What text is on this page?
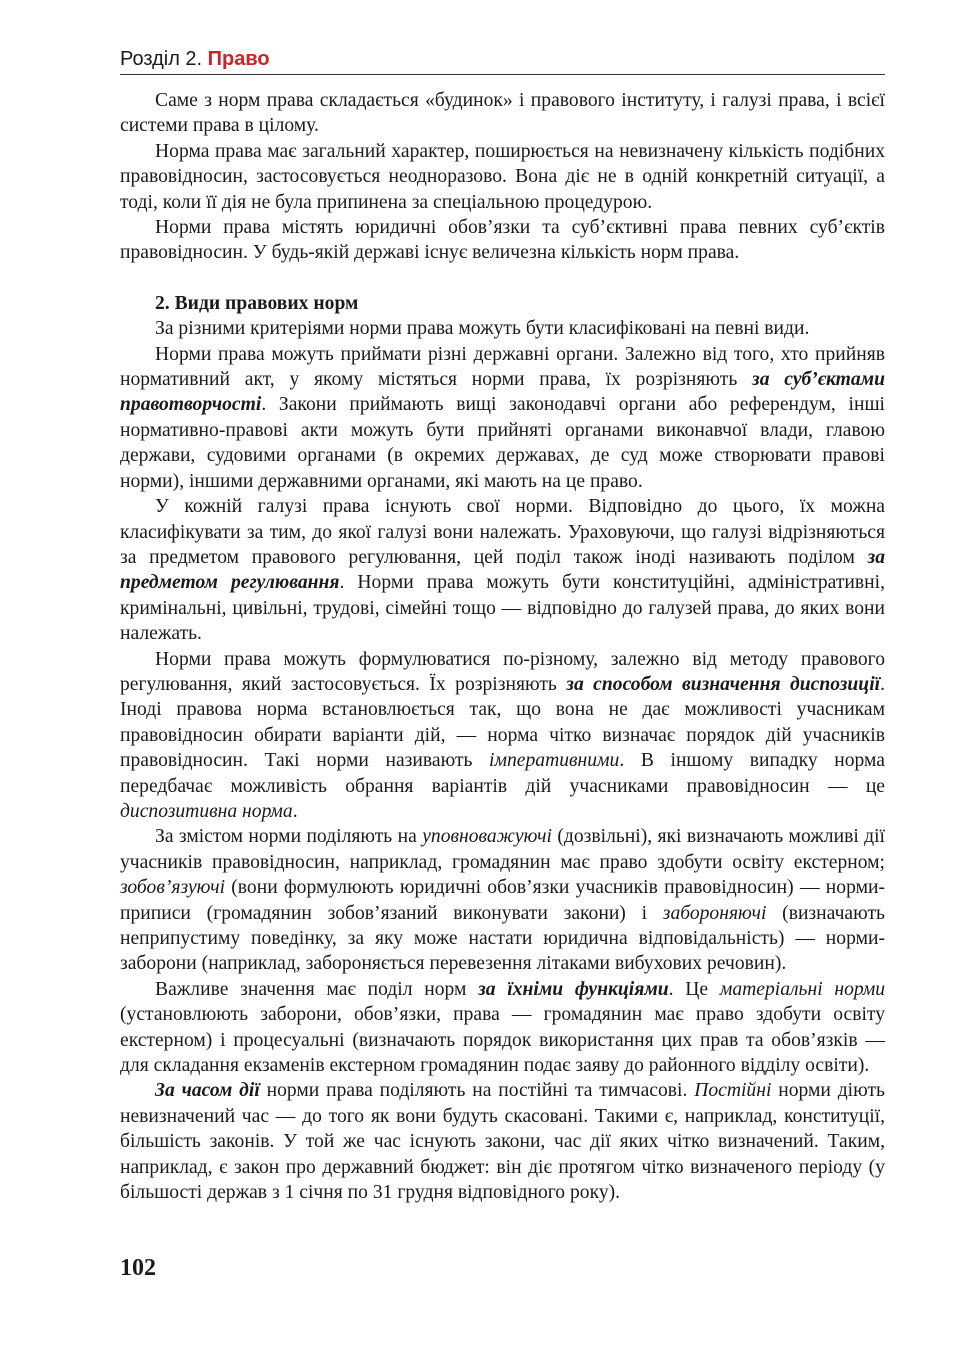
Розділ 2. Право

Саме з норм права складається «будинок» і правового інституту, і галузі права, і всієї системи права в цілому.

Норма права має загальний характер, поширюється на невизначену кількість подібних правовідносин, застосовується неодноразово. Вона діє не в одній конкретній ситуації, а тоді, коли її дія не була припинена за спеціальною процедурою.

Норми права містять юридичні обов’язки та суб’єктивні права певних суб’єктів правовідносин. У будь-якій державі існує величезна кількість норм права.

2. Види правових норм

За різними критеріями норми права можуть бути класифіковані на певні види.

Норми права можуть приймати різні державні органи. Залежно від того, хто прийняв нормативний акт, у якому містяться норми права, їх розрізняють за суб’єктами правотворчості. Закони приймають вищі законодавчі органи або референдум, інші нормативно-правові акти можуть бути прийняті органами виконавчої влади, главою держави, судовими органами (в окремих державах, де суд може створювати правові норми), іншими державними органами, які мають на це право.

У кожній галузі права існують свої норми. Відповідно до цього, їх можна класифікувати за тим, до якої галузі вони належать. Ураховуючи, що галузі відрізняються за предметом правового регулювання, цей поділ також іноді називають поділом за предметом регулювання. Норми права можуть бути конституційні, адміністративні, кримінальні, цивільні, трудові, сімейні тощо — відповідно до галузей права, до яких вони належать.

Норми права можуть формулюватися по-різному, залежно від методу правового регулювання, який застосовується. Їх розрізняють за способом визначення диспозиції. Іноді правова норма встановлюється так, що вона не дає можливості учасникам правовідносин обирати варіанти дій, — норма чітко визначає порядок дій учасників правовідносин. Такі норми називають імперативними. В іншому випадку норма передбачає можливість обрання варіантів дій учасниками правовідносин — це диспозитивна норма.

За змістом норми поділяють на уповноважуючі (дозвільні), які визначають можливі дії учасників правовідносин, наприклад, громадянин має право здобути освіту екстерном; зобов’язуючі (вони формулюють юридичні обов’язки учасників правовідносин) — норми-приписи (громадянин зобов’язаний виконувати закони) і забороняючі (визначають неприпустиму поведінку, за яку може настати юридична відповідальність) — норми-заборони (наприклад, забороняється перевезення літаками вибухових речовин).

Важливе значення має поділ норм за їхніми функціями. Це матеріальні норми (установлюють заборони, обов’язки, права — громадянин має право здобути освіту екстерном) і процесуальні (визначають порядок використання цих прав та обов’язків — для складання екзаменів екстерном громадянин подає заяву до районного відділу освіти).

За часом дії норми права поділяють на постійні та тимчасові. Постійні норми діють невизначений час — до того як вони будуть скасовані. Такими є, наприклад, конституції, більшість законів. У той же час існують закони, час дії яких чітко визначений. Таким, наприклад, є закон про державний бюджет: він діє протягом чітко визначеного періоду (у більшості держав з 1 січня по 31 грудня відповідного року).

102
